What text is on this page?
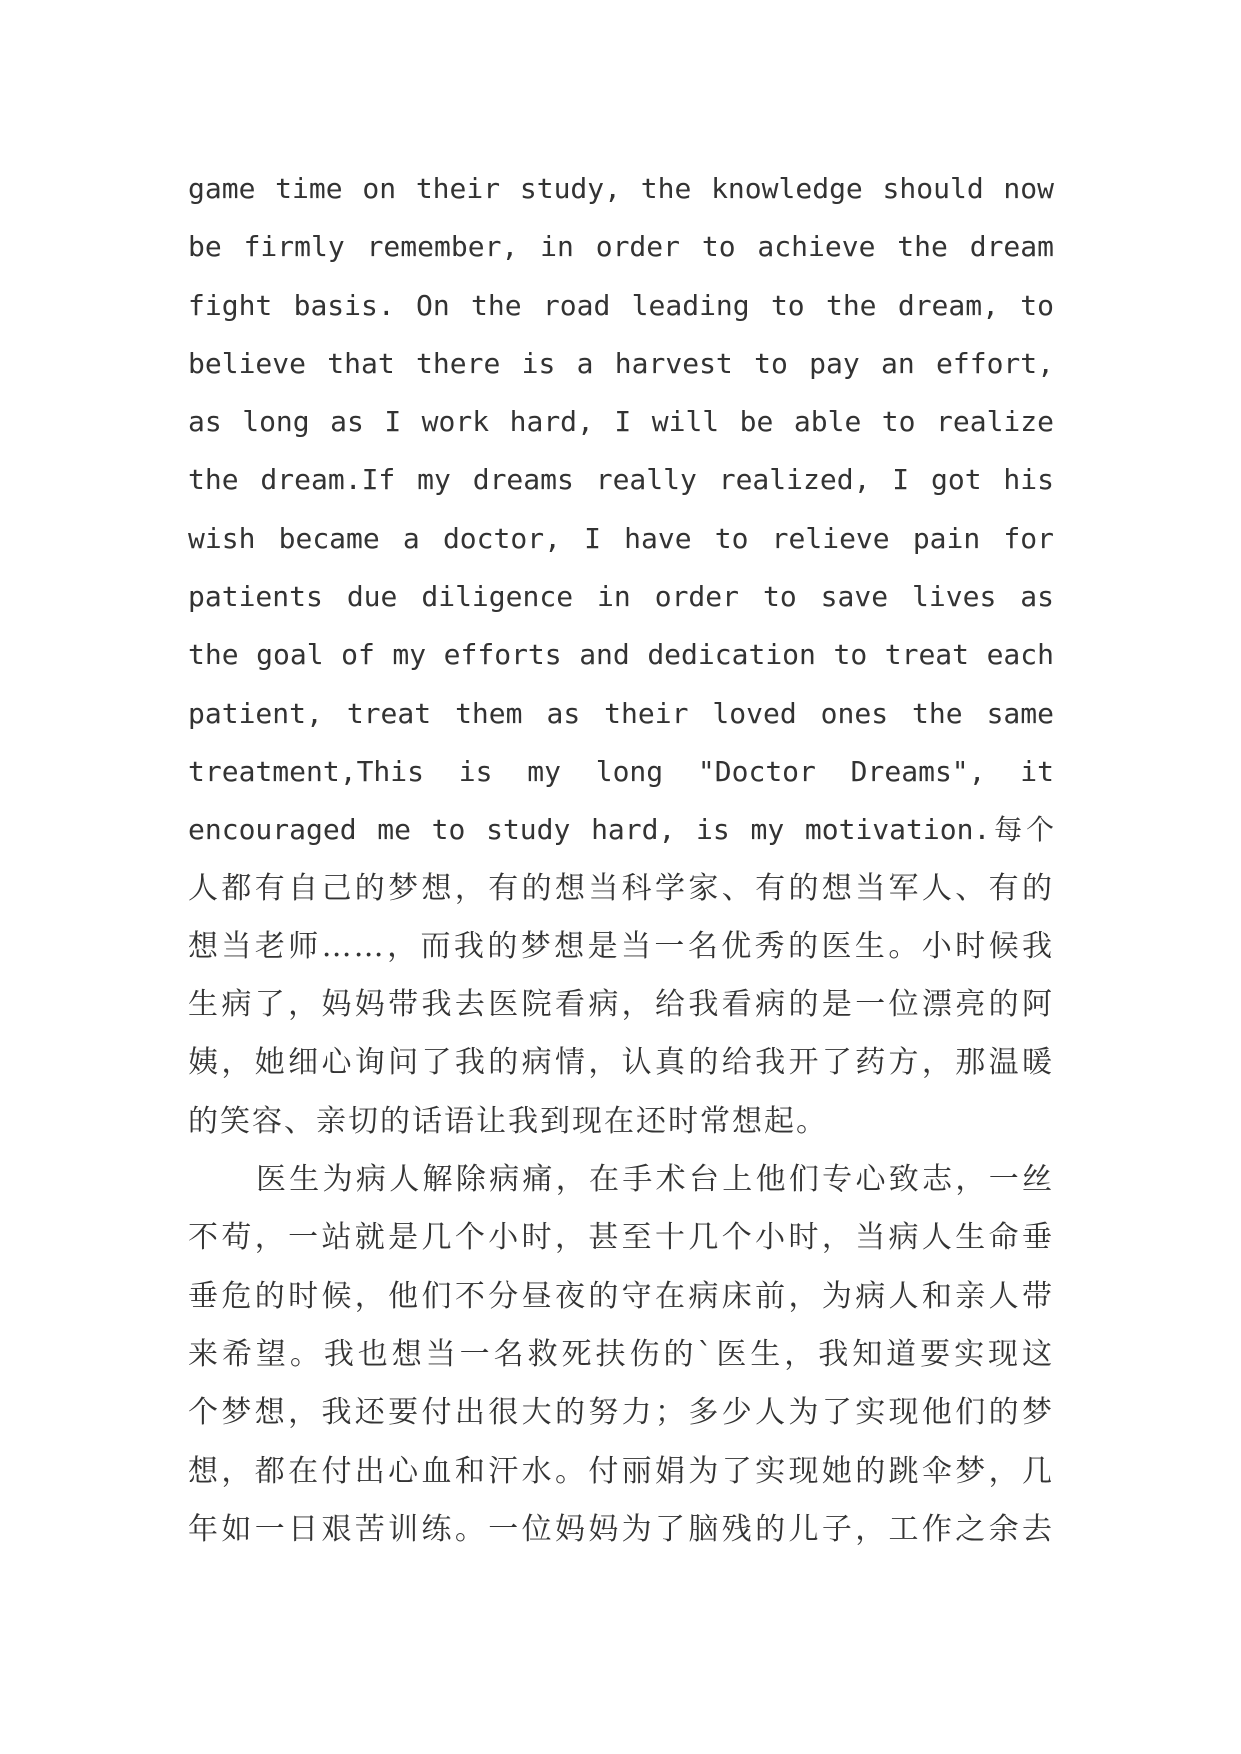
game time on their study, the knowledge should now
be firmly remember, in order to achieve the dream
fight basis. On the road leading to the dream, to
believe that there is a harvest to pay an effort,
as long as I work hard, I will be able to realize
the dream.If my dreams really realized, I got his
wish became a doctor, I have to relieve pain for
patients due diligence in order to save lives as
the goal of my efforts and dedication to treat each
patient, treat them as their loved ones the same
treatment,This is my long "Doctor Dreams", it
encouraged me to study hard, is my motivation.每个
人都有自己的梦想，有的想当科学家、有的想当军人、有的
想当老师……，而我的梦想是当一名优秀的医生。小时候我
生病了，妈妈带我去医院看病，给我看病的是一位漂亮的阿
姨，她细心询问了我的病情，认真的给我开了药方，那温暖
的笑容、亲切的话语让我到现在还时常想起。
医生为病人解除病痛，在手术台上他们专心致志，一丝
不苟，一站就是几个小时，甚至十几个小时，当病人生命垂
垂危的时候，他们不分昼夜的守在病床前，为病人和亲人带
来希望。我也想当一名救死扶伤的`医生，我知道要实现这
个梦想，我还要付出很大的努力；多少人为了实现他们的梦
想，都在付出心血和汗水。付丽娟为了实现她的跳伞梦，几
年如一日艰苦训练。一位妈妈为了脑残的儿子，工作之余去
